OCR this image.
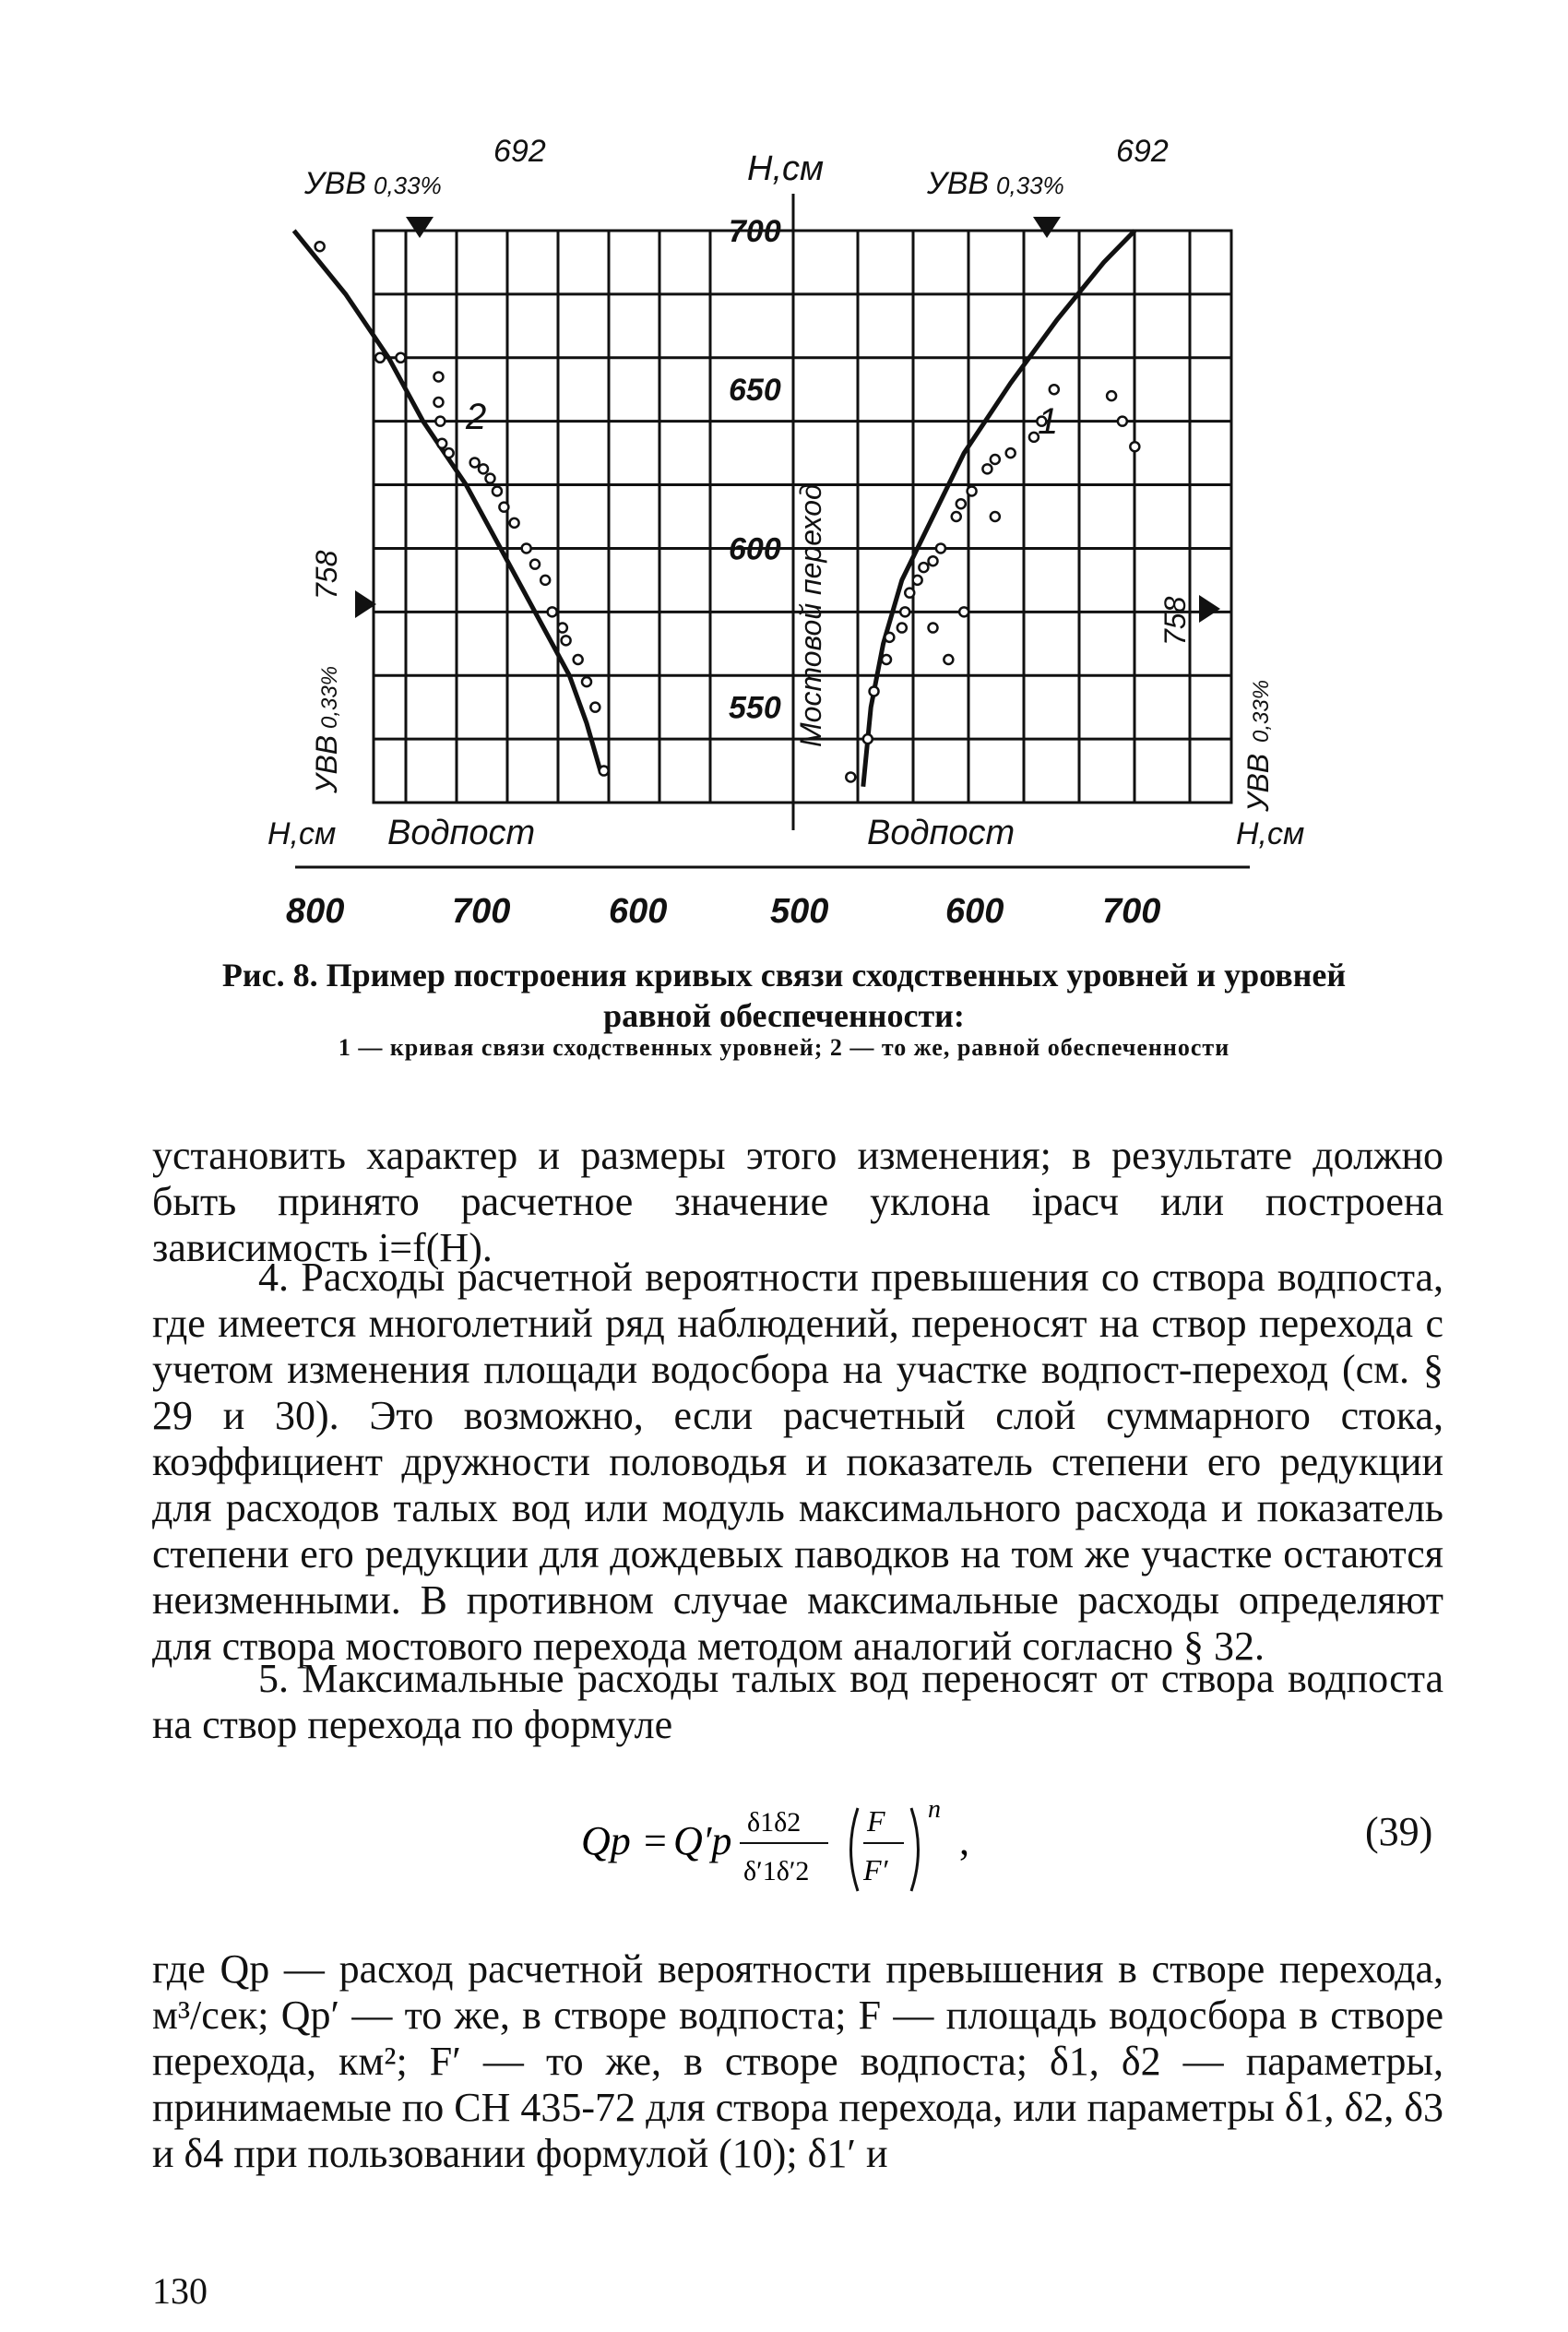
700
650
600
550
800	700	600	500	600	700
УВВ 0,33%
692	Н,см	УВВ 0,33%
692
Н,см Водпост	Водпост	Н,см
1
2
Мостовой переход
УВВ
0,33%
758
УВВ
0,33%
758
Рис. 8. Пример построения кривых связи сходственных уровней и уровней равной обеспеченности:
1 — кривая связи сходственных уровней; 2 — то же, равной обеспеченности
установить характер и размеры этого изменения; в результате должно быть принято расчетное значение уклона iрасч или построена зависимость i=f(H).
4. Расходы расчетной вероятности превышения со створа водпоста, где имеется многолетний ряд наблюдений, переносят на створ перехода с учетом изменения площади водосбора на участке водпост-переход (см. § 29 и 30). Это возможно, если расчетный слой суммарного стока, коэффициент дружности половодья и показатель степени его редукции для расходов талых вод или модуль максимального расхода и показатель степени его редукции для дождевых паводков на том же участке остаются неизменными. В противном случае максимальные расходы определяют для створа мостового перехода методом аналогий согласно § 32.
5. Максимальные расходы талых вод переносят от створа водпоста на створ перехода по формуле
Qр = Q′р δ1δ2
δ′1δ′2
F
F′
n
,	(39)
где Qр — расход расчетной вероятности превышения в створе перехода, м³/сек; Qр′ — то же, в створе водпоста; F — площадь водосбора в створе перехода, км²; F′ — то же, в створе водпоста; δ1, δ2 — параметры, принимаемые по СН 435-72 для створа перехода, или параметры δ1, δ2, δ3 и δ4 при пользовании формулой (10); δ1′ и
130
